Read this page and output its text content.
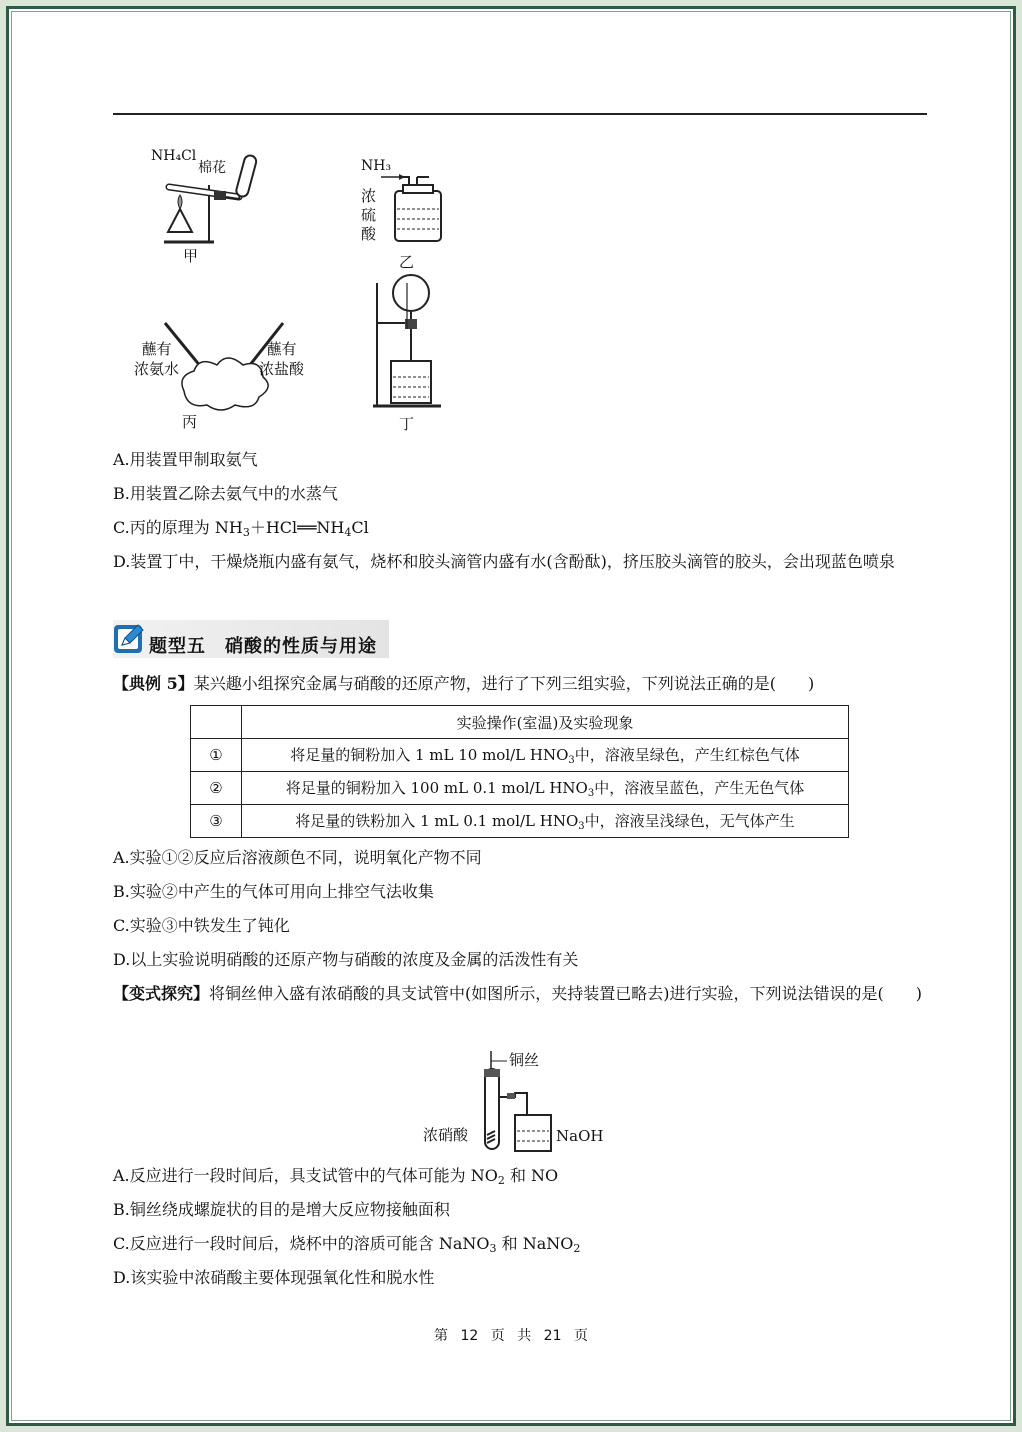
NH₄Cl
棉花
甲
NH₃
浓
硫
酸
乙
蘸有
浓氨水
蘸有
浓盐酸
丙	丁
A.用装置甲制取氨气
B.用装置乙除去氨气中的水蒸气
C.丙的原理为 $NH_3+HCl══NH_4Cl$
D.装置丁中，干燥烧瓶内盛有氨气，烧杯和胶头滴管内盛有水(含酚酞)，挤压胶头滴管的胶头，会出现蓝色喷泉
题型五　硝酸的性质与用途
【典例 5】某兴趣小组探究金属与硝酸的还原产物，进行了下列三组实验，下列说法正确的是(　　)
	实验操作(室温)及实验现象
①	将足量的铜粉加入 1 mL 10 mol/L $HNO_3$中，溶液呈绿色，产生红棕色气体
②	将足量的铜粉加入 100 mL 0.1 mol/L $HNO_3$中，溶液呈蓝色，产生无色气体
③	将足量的铁粉加入 1 mL 0.1 mol/L $HNO_3$中，溶液呈浅绿色，无气体产生
A.实验①②反应后溶液颜色不同，说明氧化产物不同
B.实验②中产生的气体可用向上排空气法收集
C.实验③中铁发生了钝化
D.以上实验说明硝酸的还原产物与硝酸的浓度及金属的活泼性有关
【变式探究】将铜丝伸入盛有浓硝酸的具支试管中(如图所示，夹持装置已略去)进行实验，下列说法错误的是(　　)
铜丝
浓硝酸	NaOH
A.反应进行一段时间后，具支试管中的气体可能为 $NO_2$ 和 NO
B.铜丝绕成螺旋状的目的是增大反应物接触面积
C.反应进行一段时间后，烧杯中的溶质可能含 NaNO$_3$ 和 NaNO$_2$
D.该实验中浓硝酸主要体现强氧化性和脱水性
第 12 页 共 21 页
